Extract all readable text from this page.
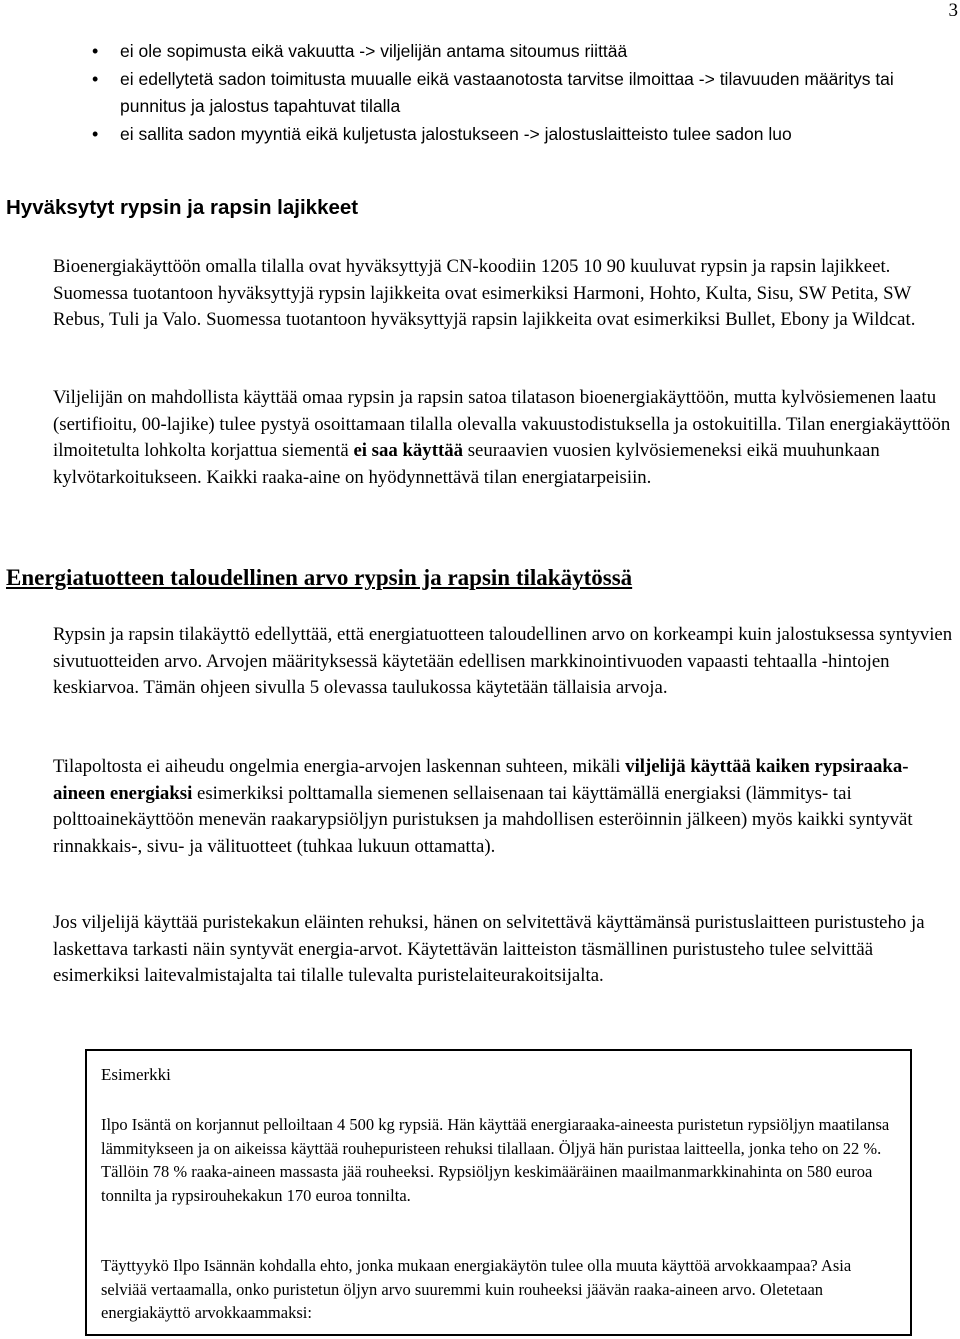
3
• ei ole sopimusta eikä vakuutta -> viljelijän antama sitoumus riittää
• ei edellytetä sadon toimitusta muualle eikä vastaanotosta tarvitse ilmoittaa -> tilavuuden määritys tai punnitus ja jalostus tapahtuvat tilalla
• ei sallita sadon myyntiä eikä kuljetusta jalostukseen -> jalostuslaitteisto tulee sadon luo
Hyväksytyt rypsin ja rapsin lajikkeet

Bioenergiakäyttöön omalla tilalla ovat hyväksyttyjä CN-koodiin 1205 10 90 kuuluvat rypsin ja rapsin lajikkeet. Suomessa tuotantoon hyväksyttyjä rypsin lajikkeita ovat esimerkiksi Harmoni, Hohto, Kulta, Sisu, SW Petita, SW Rebus, Tuli ja Valo. Suomessa tuotantoon hyväksyttyjä rapsin lajikkeita ovat esimerkiksi Bullet, Ebony ja Wildcat.

Viljelijän on mahdollista käyttää omaa rypsin ja rapsin satoa tilatason bioenergiakäyttöön, mutta kylvösiemenen laatu (sertifioitu, 00-lajike) tulee pystyä osoittamaan tilalla olevalla vakuustodistuksella ja ostokuitilla. Tilan energiakäyttöön ilmoitetulta lohkolta korjattua siementä ei saa käyttää seuraavien vuosien kylvösiemeneksi eikä muuhunkaan kylvötarkoitukseen. Kaikki raaka-aine on hyödynnettävä tilan energiatarpeisiin.

Energiatuotteen taloudellinen arvo rypsin ja rapsin tilakäytössä

Rypsin ja rapsin tilakäyttö edellyttää, että energiatuotteen taloudellinen arvo on korkeampi kuin jalostuksessa syntyvien sivutuotteiden arvo. Arvojen määrityksessä käytetään edellisen markkinointivuoden vapaasti tehtaalla -hintojen keskiarvoa. Tämän ohjeen sivulla 5 olevassa taulukossa käytetään tällaisia arvoja.

Tilapoltosta ei aiheudu ongelmia energia-arvojen laskennan suhteen, mikäli viljelijä käyttää kaiken rypsiraaka-aineen energiaksi esimerkiksi polttamalla siemenen sellaisenaan tai käyttämällä energiaksi (lämmitys- tai polttoainekäyttöön menevän raakarypsiöljyn puristuksen ja mahdollisen esteröinnin jälkeen) myös kaikki syntyvät rinnakkais-, sivu- ja välituotteet (tuhkaa lukuun ottamatta).

Jos viljelijä käyttää puristekakun eläinten rehuksi, hänen on selvitettävä käyttämänsä puristuslaitteen puristusteho ja laskettava tarkasti näin syntyvät energia-arvot. Käytettävän laitteiston täsmällinen puristusteho tulee selvittää esimerkiksi laitevalmistajalta tai tilalle tulevalta puristelaiteurakoitsijalta.

Esimerkki

Ilpo Isäntä on korjannut pelloiltaan 4 500 kg rypsiä. Hän käyttää energiaraaka-aineesta puristetun rypsiöljyn maatilansa lämmitykseen ja on aikeissa käyttää rouhepuristeen rehuksi tilallaan. Öljyä hän puristaa laitteella, jonka teho on 22 %. Tällöin 78 % raaka-aineen massasta jää rouheeksi. Rypsiöljyn keskimääräinen maailmanmarkkinahinta on 580 euroa tonnilta ja rypsirouhekakun 170 euroa tonnilta.

Täyttyykö Ilpo Isännän kohdalla ehto, jonka mukaan energiakäytön tulee olla muuta käyttöä arvokkaampaa? Asia selviää vertaamalla, onko puristetun öljyn arvo suuremmi kuin rouheeksi jäävän raaka-aineen arvo. Oletetaan energiakäyttö arvokkaammaksi:
